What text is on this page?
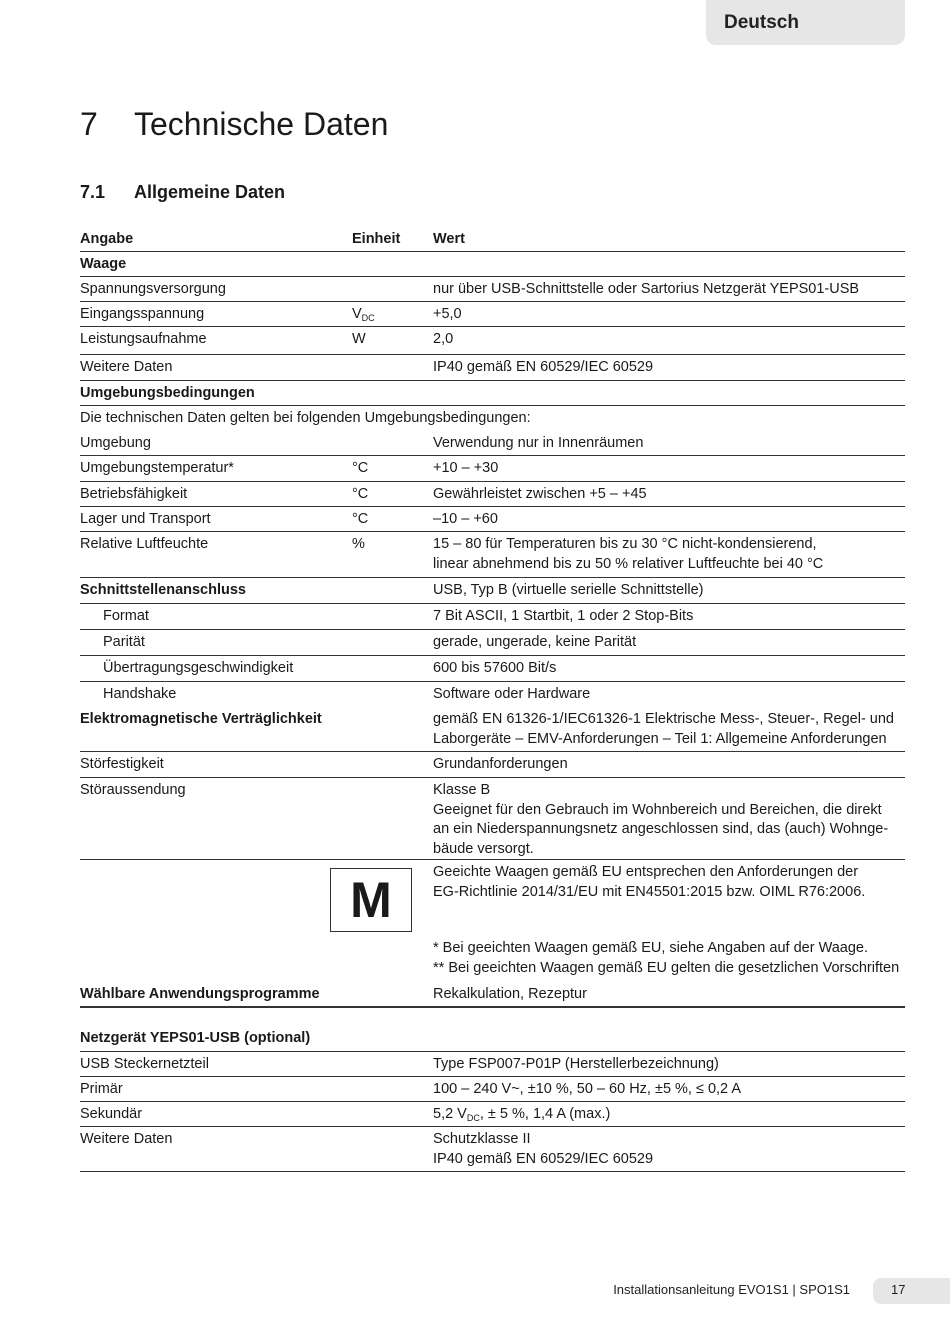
Deutsch
7 Technische Daten
7.1 Allgemeine Daten
Angabe	Einheit Wert
Waage
Spannungsversorgung	nur über USB-Schnittstelle oder Sartorius Netzgerät YEPS01-USB
Eingangsspannung	$V_{DC}$	+5,0
Leistungsaufnahme	W	2,0
Weitere Daten	IP40 gemäß EN 60529/IEC 60529
Umgebungsbedingungen
Die technischen Daten gelten bei folgenden Umgebungsbedingungen:
Umgebung	Verwendung nur in Innenräumen
Umgebungstemperatur*	°C	+10 – +30
Betriebsfähigkeit	°C	Gewährleistet zwischen +5 – +45
Lager und Transport	°C	–10 – +60
Relative Luftfeuchte	%	15 – 80 für Temperaturen bis zu 30 °C nicht-kondensierend,
linear abnehmend bis zu 50 % relativer Luftfeuchte bei 40 °C
Schnittstellenanschluss	USB, Typ B (virtuelle serielle Schnittstelle)
Format	7 Bit ASCII, 1 Startbit, 1 oder 2 Stop-Bits
Parität	gerade, ungerade, keine Parität
Übertragungsgeschwindigkeit	600 bis 57600 Bit/s
Handshake	Software oder Hardware
Elektromagnetische Verträglichkeit	gemäß EN 61326-1/IEC61326-1 Elektrische Mess-, Steuer-, Regel- und
Laborgeräte – EMV-Anforderungen – Teil 1: Allgemeine Anforderungen
Störfestigkeit	Grundanforderungen
Störaussendung	Klasse B
Geeignet für den Gebrauch im Wohnbereich und Bereichen, die direkt
an ein Niederspannungsnetz angeschlossen sind, das (auch) Wohnge-
bäude versorgt.
M	Geeichte Waagen gemäß EU entsprechen den Anforderungen der
EG-Richtlinie 2014/31/EU mit EN45501:2015 bzw. OIML R76:2006.
* Bei geeichten Waagen gemäß EU, siehe Angaben auf der Waage.
** Bei geeichten Waagen gemäß EU gelten die gesetzlichen Vorschriften
Wählbare Anwendungsprogramme	Rekalkulation, Rezeptur
Netzgerät YEPS01-USB (optional)
USB Steckernetzteil	Type FSP007-P01P (Herstellerbezeichnung)
Primär	100 – 240 V~, ±10 %, 50 – 60 Hz, ±5 %, ≤ 0,2 A
Sekundär	5,2 $V_{DC}$, ± 5 %, 1,4 A (max.)
Weitere Daten	Schutzklasse II
IP40 gemäß EN 60529/IEC 60529
Installationsanleitung EVO1S1 | SPO1S1	17
